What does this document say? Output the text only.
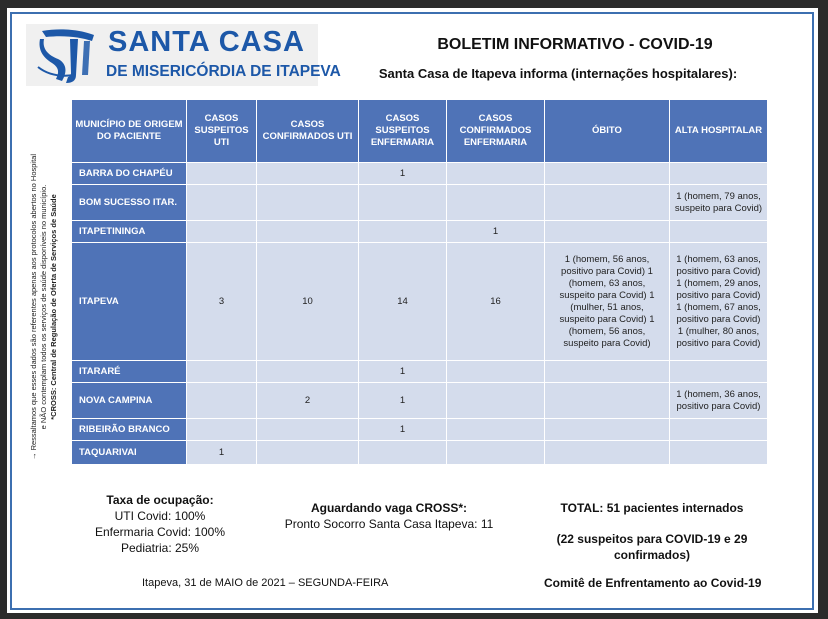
SANTA CASA
DE MISERICÓRDIA DE ITAPEVA
BOLETIM INFORMATIVO - COVID-19
Santa Casa de Itapeva informa (internações hospitalares):
→ Ressaltamos que esses dados são referentes apenas aos protocolos abertos no Hospital e NÃO contemplam todos os serviços de saúde disponíveis no município. *CROSS: Central de Regulação de Oferta de Serviços de Saúde
MUNICÍPIO DE ORIGEM DO PACIENTE	CASOS SUSPEITOS UTI	CASOS CONFIRMADOS UTI	CASOS SUSPEITOS ENFERMARIA	CASOS CONFIRMADOS ENFERMARIA	ÓBITO	ALTA HOSPITALAR
BARRA DO CHAPÉU			1			
BOM SUCESSO ITAR.						1 (homem, 79 anos, suspeito para Covid)
ITAPETININGA				1		
ITAPEVA	3	10	14	16	1 (homem, 56 anos, positivo para Covid) 1 (homem, 63 anos, suspeito para Covid) 1 (mulher, 51 anos, suspeito para Covid) 1 (homem, 56 anos, suspeito para Covid)	1 (homem, 63 anos, positivo para Covid) 1 (homem, 29 anos, positivo para Covid) 1 (homem, 67 anos, positivo para Covid) 1 (mulher, 80 anos, positivo para Covid)
ITARARÉ			1			
NOVA CAMPINA		2	1			1 (homem, 36 anos, positivo para Covid)
RIBEIRÃO BRANCO			1			
TAQUARIVAI	1					
Taxa de ocupação:
UTI Covid: 100%
Enfermaria Covid: 100%
Pediatria: 25%
Aguardando vaga CROSS*:
Pronto Socorro Santa Casa Itapeva: 11
TOTAL: 51 pacientes internados
(22 suspeitos para COVID-19 e 29 confirmados)
Itapeva, 31 de MAIO de 2021 – SEGUNDA-FEIRA	Comitê de Enfrentamento ao Covid-19
